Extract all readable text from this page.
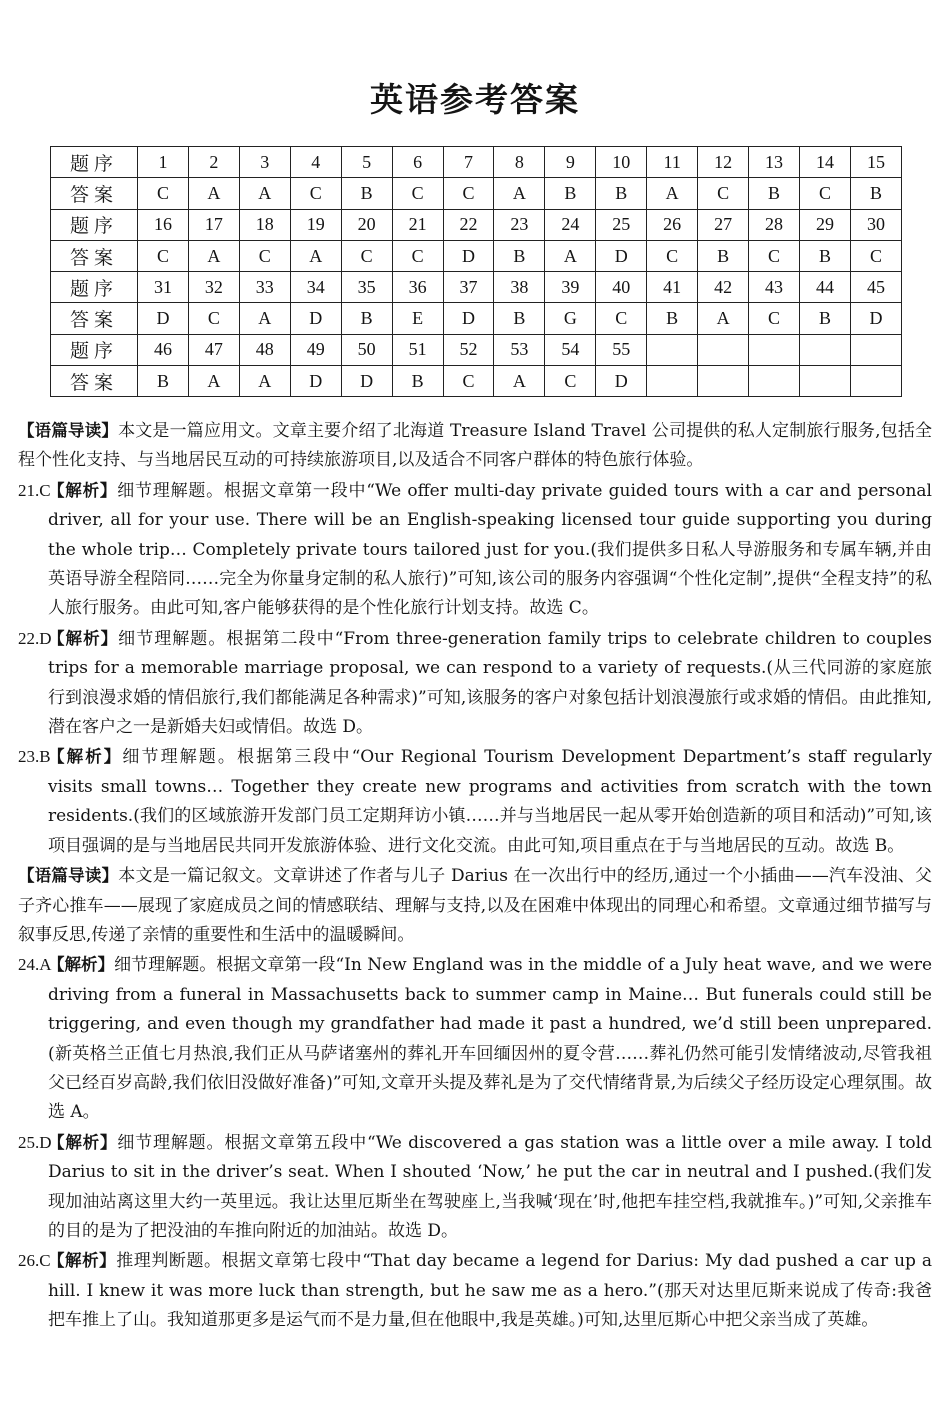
英语参考答案
题序	1	2	3	4	5	6	7	8	9	10	11	12	13	14	15
答案	C	A	A	C	B	C	C	A	B	B	A	C	B	C	B
题序	16	17	18	19	20	21	22	23	24	25	26	27	28	29	30
答案	C	A	C	A	C	C	D	B	A	D	C	B	C	B	C
题序	31	32	33	34	35	36	37	38	39	40	41	42	43	44	45
答案	D	C	A	D	B	E	D	B	G	C	B	A	C	B	D
题序	46	47	48	49	50	51	52	53	54	55					
答案	B	A	A	D	D	B	C	A	C	D					

【语篇导读】本文是一篇应用文。文章主要介绍了北海道 Treasure Island Travel 公司提供的私人定制旅行服务,包括全程个性化支持、与当地居民互动的可持续旅游项目,以及适合不同客户群体的特色旅行体验。

21.C
【解析】细节理解题。根据文章第一段中“We offer multi-day private guided tours with a car and personal driver, all for your use. There will be an English-speaking licensed tour guide supporting you during the whole trip… Completely private tours tailored just for you.(我们提供多日私人导游服务和专属车辆,并由英语导游全程陪同……完全为你量身定制的私人旅行)”可知,该公司的服务内容强调“个性化定制”,提供“全程支持”的私人旅行服务。由此可知,客户能够获得的是个性化旅行计划支持。故选 C。

22.D
【解析】细节理解题。根据第二段中“From three-generation family trips to celebrate children to couples trips for a memorable marriage proposal, we can respond to a variety of requests.(从三代同游的家庭旅行到浪漫求婚的情侣旅行,我们都能满足各种需求)”可知,该服务的客户对象包括计划浪漫旅行或求婚的情侣。由此推知,潜在客户之一是新婚夫妇或情侣。故选 D。

23.B
【解析】细节理解题。根据第三段中“Our Regional Tourism Development Department’s staff regularly visits small towns… Together they create new programs and activities from scratch with the town residents.(我们的区域旅游开发部门员工定期拜访小镇……并与当地居民一起从零开始创造新的项目和活动)”可知,该项目强调的是与当地居民共同开发旅游体验、进行文化交流。由此可知,项目重点在于与当地居民的互动。故选 B。

【语篇导读】本文是一篇记叙文。文章讲述了作者与儿子 Darius 在一次出行中的经历,通过一个小插曲——汽车没油、父子齐心推车——展现了家庭成员之间的情感联结、理解与支持,以及在困难中体现出的同理心和希望。文章通过细节描写与叙事反思,传递了亲情的重要性和生活中的温暖瞬间。

24.A
【解析】细节理解题。根据文章第一段“In New England was in the middle of a July heat wave, and we were driving from a funeral in Massachusetts back to summer camp in Maine… But funerals could still be triggering, and even though my grandfather had made it past a hundred, we’d still been unprepared.(新英格兰正值七月热浪,我们正从马萨诸塞州的葬礼开车回缅因州的夏令营……葬礼仍然可能引发情绪波动,尽管我祖父已经百岁高龄,我们依旧没做好准备)”可知,文章开头提及葬礼是为了交代情绪背景,为后续父子经历设定心理氛围。故选 A。

25.D
【解析】细节理解题。根据文章第五段中“We discovered a gas station was a little over a mile away. I told Darius to sit in the driver’s seat. When I shouted ‘Now,’ he put the car in neutral and I pushed.(我们发现加油站离这里大约一英里远。我让达里厄斯坐在驾驶座上,当我喊‘现在’时,他把车挂空档,我就推车。)”可知,父亲推车的目的是为了把没油的车推向附近的加油站。故选 D。

26.C
【解析】推理判断题。根据文章第七段中“That day became a legend for Darius: My dad pushed a car up a hill. I knew it was more luck than strength, but he saw me as a hero.”(那天对达里厄斯来说成了传奇:我爸把车推上了山。我知道那更多是运气而不是力量,但在他眼中,我是英雄。)可知,达里厄斯心中把父亲当成了英雄。
